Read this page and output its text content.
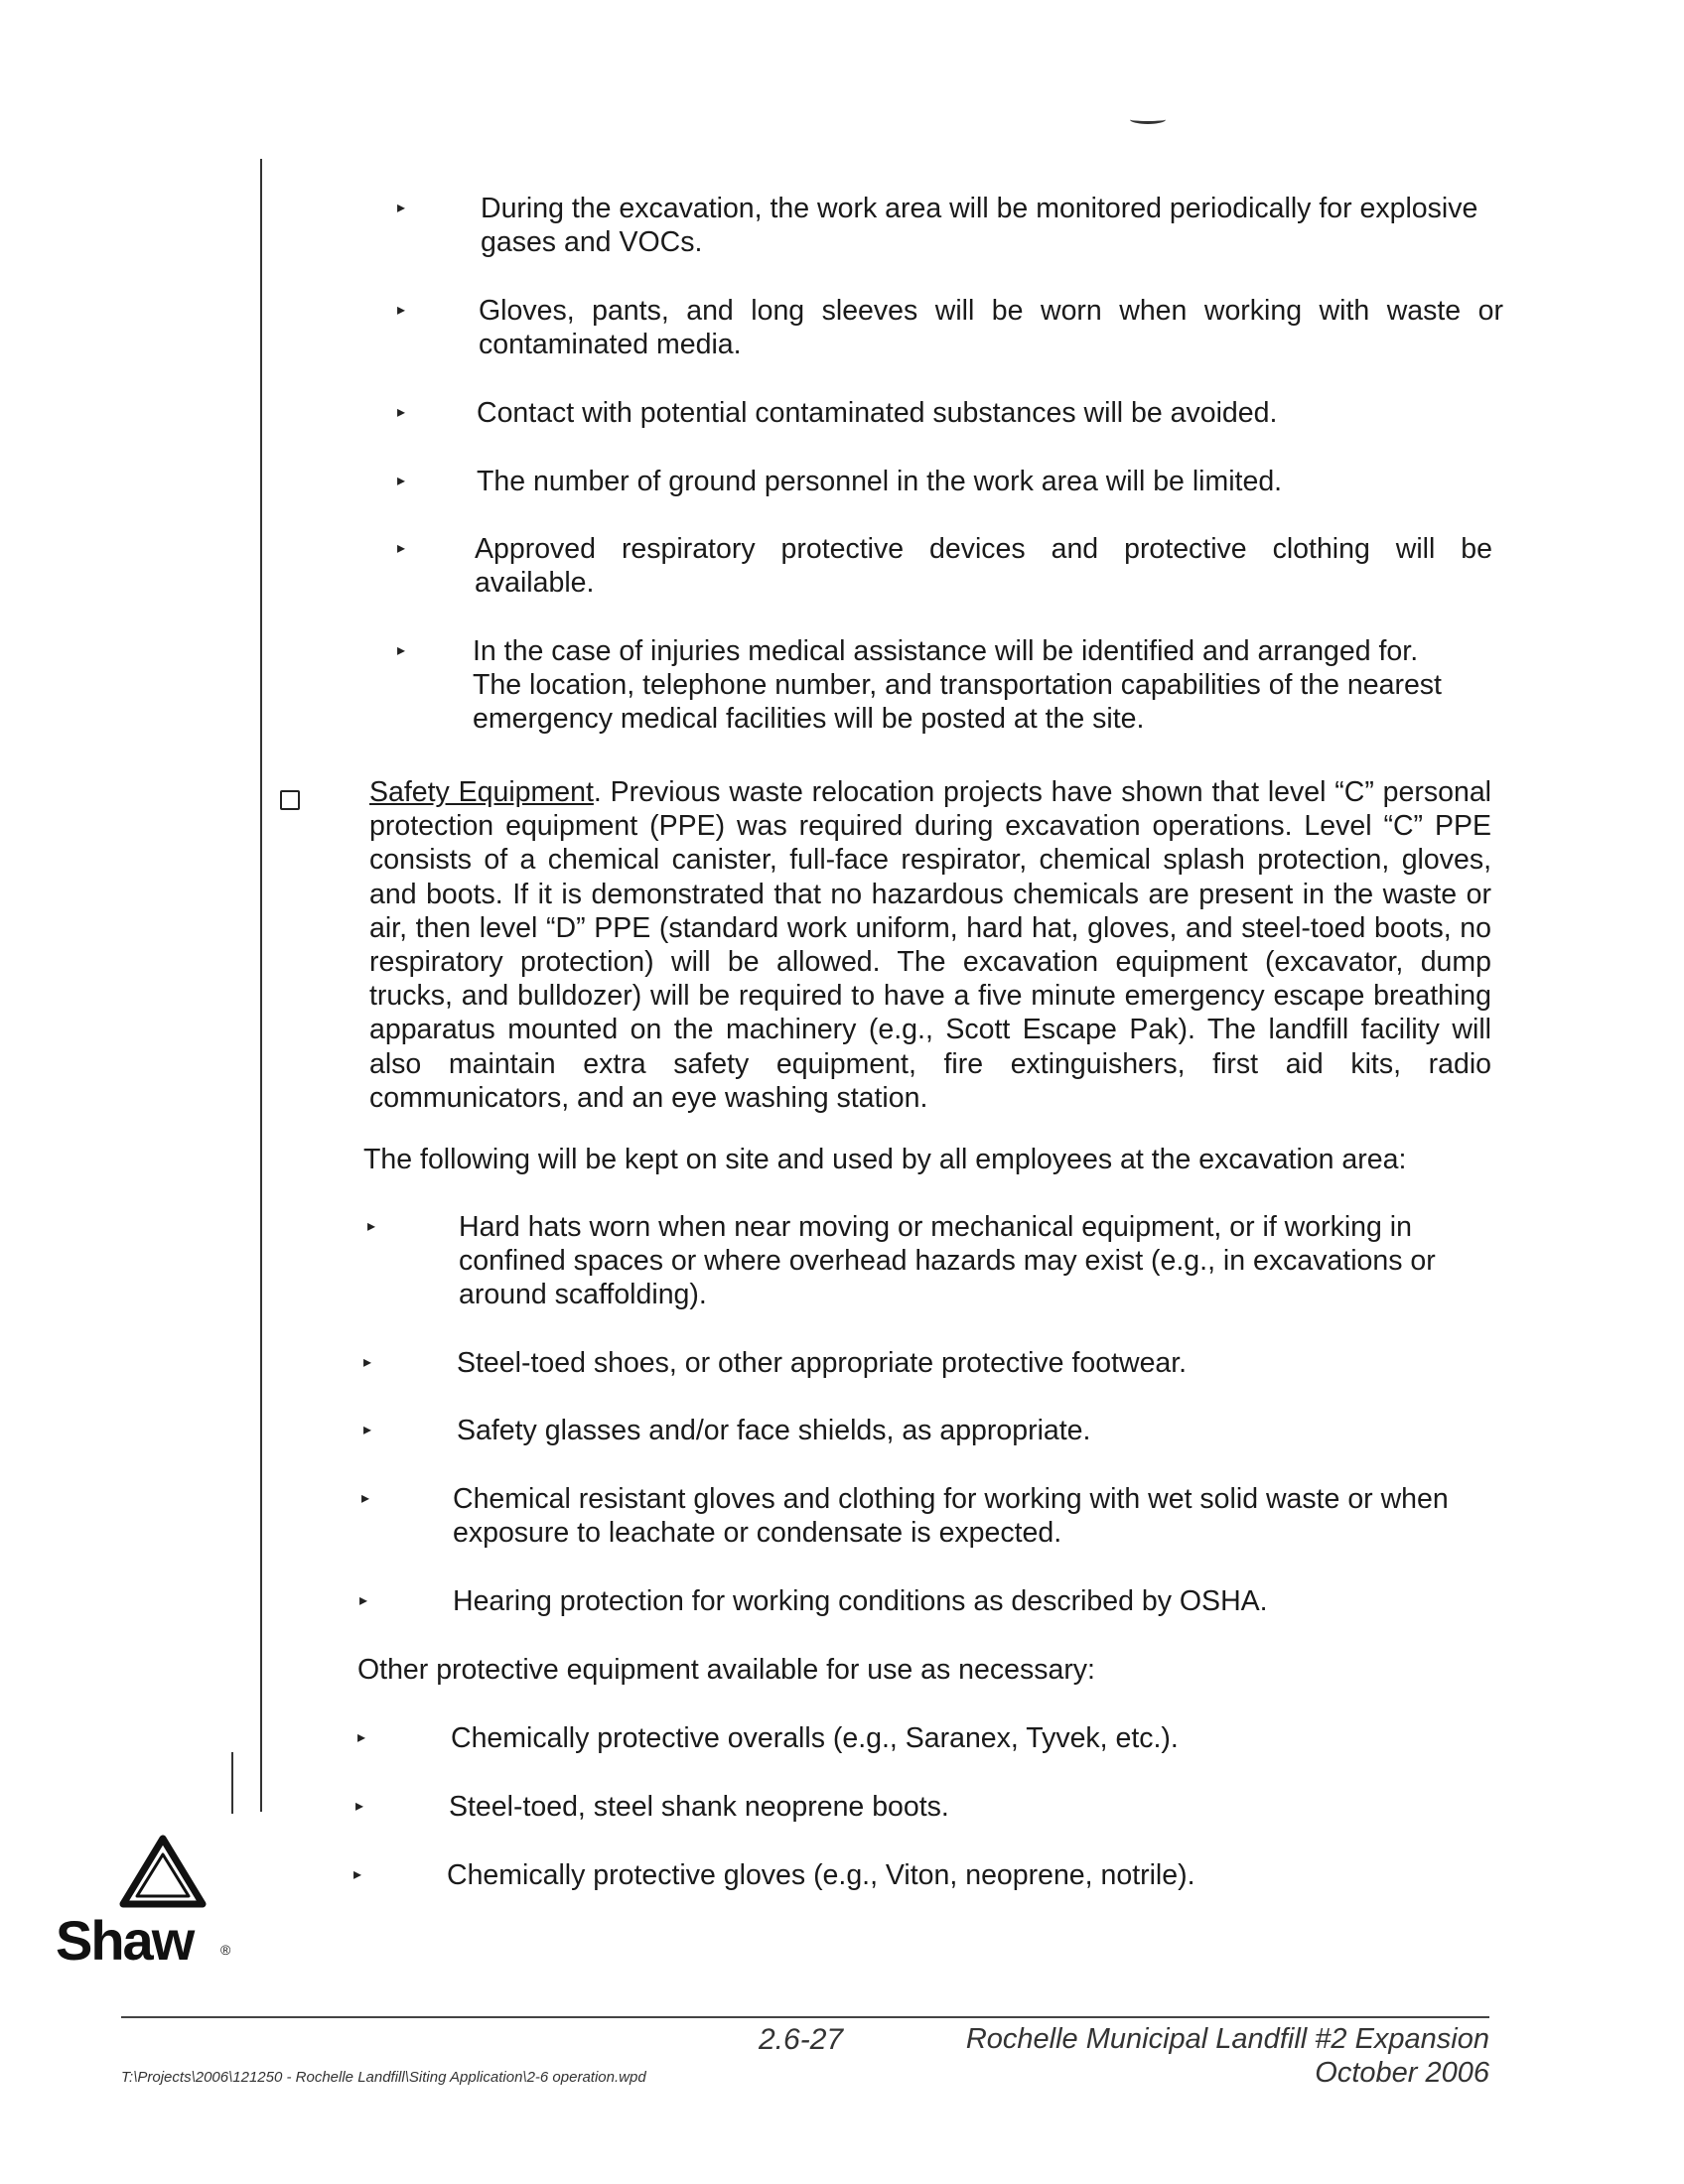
▸	During the excavation, the work area will be monitored periodically for explosive
gases and VOCs.
▸	Gloves, pants, and long sleeves will be worn when working with waste or
contaminated media.
▸	Contact with potential contaminated substances will be avoided.
▸	The number of ground personnel in the work area will be limited.
▸ Approved respiratory protective devices and protective clothing will be
available.
▸ In the case of injuries medical assistance will be identified and arranged for.
The location, telephone number, and transportation capabilities of the nearest
emergency medical facilities will be posted at the site.
Safety Equipment. Previous waste relocation projects have shown that level “C” personal protection equipment (PPE) was required during excavation operations. Level “C” PPE consists of a chemical canister, full-face respirator, chemical splash protection, gloves, and boots. If it is demonstrated that no hazardous chemicals are present in the waste or air, then level “D” PPE (standard work uniform, hard hat, gloves, and steel-toed boots, no respiratory protection) will be allowed. The excavation equipment (excavator, dump trucks, and bulldozer) will be required to have a five minute emergency escape breathing apparatus mounted on the machinery (e.g., Scott Escape Pak). The landfill facility will also maintain extra safety equipment, fire extinguishers, first aid kits, radio communicators, and an eye washing station.
The following will be kept on site and used by all employees at the excavation area:
▸	Hard hats worn when near moving or mechanical equipment, or if working in
confined spaces or where overhead hazards may exist (e.g., in excavations or
around scaffolding).
▸	Steel-toed shoes, or other appropriate protective footwear.
▸	Safety glasses and/or face shields, as appropriate.
▸	Chemical resistant gloves and clothing for working with wet solid waste or when
exposure to leachate or condensate is expected.
▸	Hearing protection for working conditions as described by OSHA.
Other protective equipment available for use as necessary:
▸	Chemically protective overalls (e.g., Saranex, Tyvek, etc.).
▸	Steel-toed, steel shank neoprene boots.
▸	Chemically protective gloves (e.g., Viton, neoprene, notrile).
Shaw ®
2.6-27	Rochelle Municipal Landfill #2 Expansion
October 2006
T:\Projects\2006\121250 - Rochelle Landfill\Siting Application\2-6 operation.wpd
